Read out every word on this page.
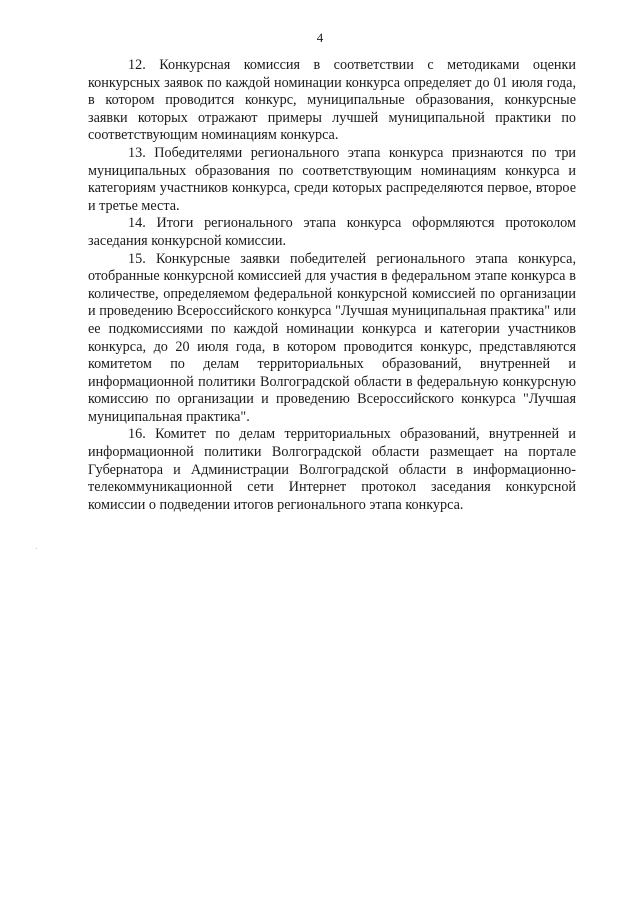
4

12. Конкурсная комиссия в соответствии с методиками оценки конкурсных заявок по каждой номинации конкурса определяет до 01 июля года, в котором проводится конкурс, муниципальные образования, конкурсные заявки которых отражают примеры лучшей муниципальной практики по соответствующим номинациям конкурса.

13. Победителями регионального этапа конкурса признаются по три муниципальных образования по соответствующим номинациям конкурса и категориям участников конкурса, среди которых распределяются первое, второе и третье места.

14. Итоги регионального этапа конкурса оформляются протоколом заседания конкурсной комиссии.

15. Конкурсные заявки победителей регионального этапа конкурса, отобранные конкурсной комиссией для участия в федеральном этапе конкурса в количестве, определяемом федеральной конкурсной комиссией по организации и проведению Всероссийского конкурса "Лучшая муниципальная практика" или ее подкомиссиями по каждой номинации конкурса и категории участников конкурса, до 20 июля года, в котором проводится конкурс, представляются комитетом по делам территориальных образований, внутренней и информационной политики Волгоградской области в федеральную конкурсную комиссию по организации и проведению Всероссийского конкурса "Лучшая муниципальная практика".

16. Комитет по делам территориальных образований, внутренней и информационной политики Волгоградской области размещает на портале Губернатора и Администрации Волгоградской области в информационно-телекоммуникационной сети Интернет протокол заседания конкурсной комиссии о подведении итогов регионального этапа конкурса.
